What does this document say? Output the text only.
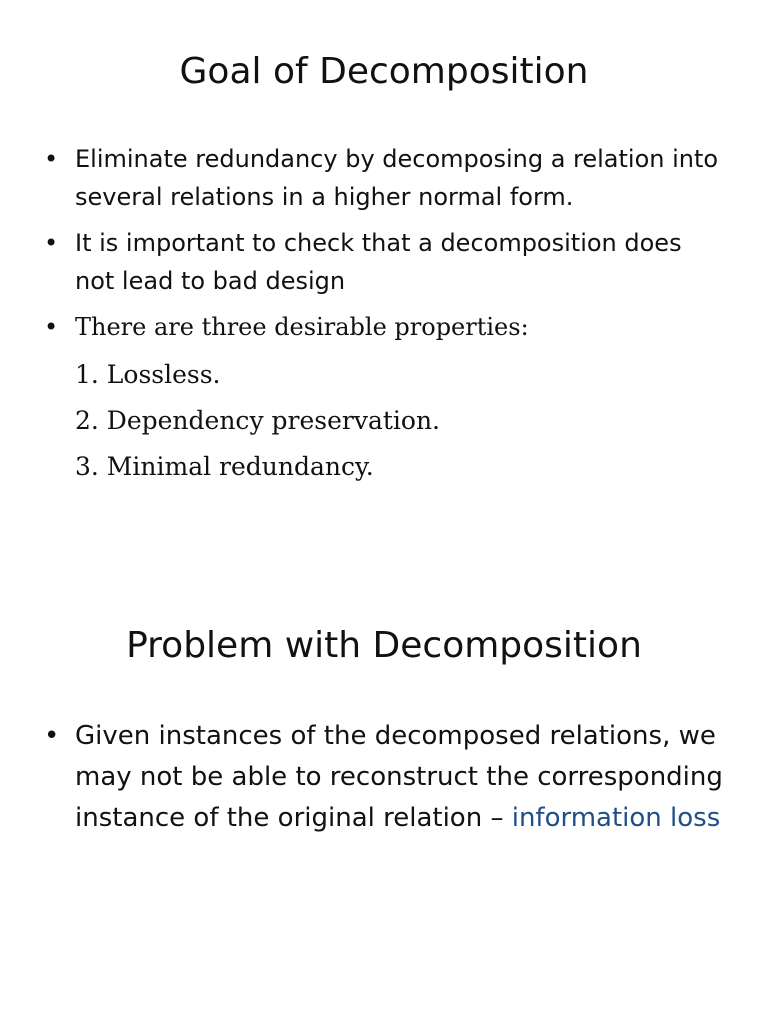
Goal of Decomposition
• Eliminate redundancy by decomposing a relation into several relations in a higher normal form.
• It is important to check that a decomposition does not lead to bad design
• There are three desirable properties:
1. Lossless.
2. Dependency preservation.
3. Minimal redundancy.
Problem with Decomposition
• Given instances of the decomposed relations, we may not be able to reconstruct the corresponding instance of the original relation – information loss
